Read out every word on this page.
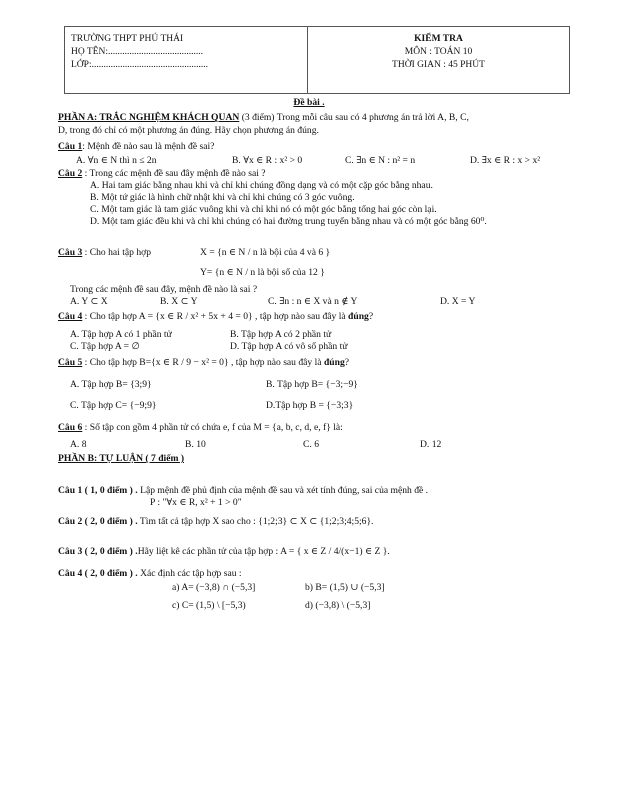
TRƯỜNG THPT PHÚ THÁI
HỌ TÊN:........................................
LỚP:.................................................
KIỂM TRA
MÔN : TOÁN 10
THỜI GIAN : 45 PHÚT
Đề bài .
PHẦN A: TRẮC NGHIỆM KHÁCH QUAN (3 điểm) Trong mỗi câu sau có 4 phương án trả lời A, B, C,
D, trong đó chỉ có một phương án đúng. Hãy chọn phương án đúng.
Câu 1: Mệnh đề nào sau là mệnh đề sai?
A. ∀n ∈ N thì n ≤ 2n	B. ∀x ∈ R : x² > 0	C. ∃n ∈ N : n² = n	D. ∃x ∈ R : x > x²
Câu 2 : Trong các mệnh đề sau đây mệnh đề nào sai ?
A. Hai tam giác bằng nhau khi và chỉ khi chúng đồng dạng và có một cặp góc bằng nhau.
B. Một tứ giác là hình chữ nhật khi và chỉ khi chúng có 3 góc vuông.
C. Một tam giác là tam giác vuông khi và chỉ khi nó có một góc bằng tổng hai góc còn lại.
D. Một tam giác đều khi và chỉ khi chúng có hai đường trung tuyến bằng nhau và có một góc bằng 60⁰.
Câu 3 : Cho hai tập hợp	X = {n ∈ N / n là bội của 4 và 6 }
Y= {n ∈ N / n là bội số của 12 }
Trong các mệnh đề sau đây, mệnh đề nào là sai ?
A. Y ⊂ X	B. X ⊂ Y	C. ∃n : n ∈ X và n ∉ Y	D. X = Y
Câu 4 : Cho tập hợp A = {x ∈ R / x² + 5x + 4 = 0} , tập hợp nào sau đây là đúng?
A. Tập hợp A có 1 phần tử	B. Tập hợp A có 2 phần tử
C. Tập hợp A = ∅	D. Tập hợp A có vô số phần tử
Câu 5 : Cho tập hợp B={x ∈ R / 9 − x² = 0} , tập hợp nào sau đây là đúng?
A. Tập hợp B= {3;9}	B. Tập hợp B= {−3;−9}
C. Tập hợp C= {−9;9}	D.Tập hợp B = {−3;3}
Câu 6 : Số tập con gồm 4 phần tử có chứa e, f của M = {a, b, c, d, e, f} là:
A. 8	B. 10	C. 6	D. 12
PHẦN B: TỰ LUẬN ( 7 điểm )
Câu 1 ( 1, 0 điểm ) . Lập mệnh đề phủ định của mệnh đề sau và xét tính đúng, sai của mệnh đề .
P : "∀x ∈ R, x² + 1 > 0"
Câu 2 ( 2, 0 điểm ) . Tìm tất cả tập hợp X sao cho : {1;2;3} ⊂ X ⊂ {1;2;3;4;5;6}.
Câu 3 ( 2, 0 điểm ) .Hãy liệt kê các phần tử của tập hợp : A = { x ∈ Z / 4/(x−1) ∈ Z }.
Câu 4 ( 2, 0 điểm ) . Xác định các tập hợp sau :
a) A= (−3,8) ∩ (−5,3]	b) B= (1,5) ∪ (−5,3]
c) C= (1,5) \ [−5,3)	d) (−3,8) \ (−5,3]
